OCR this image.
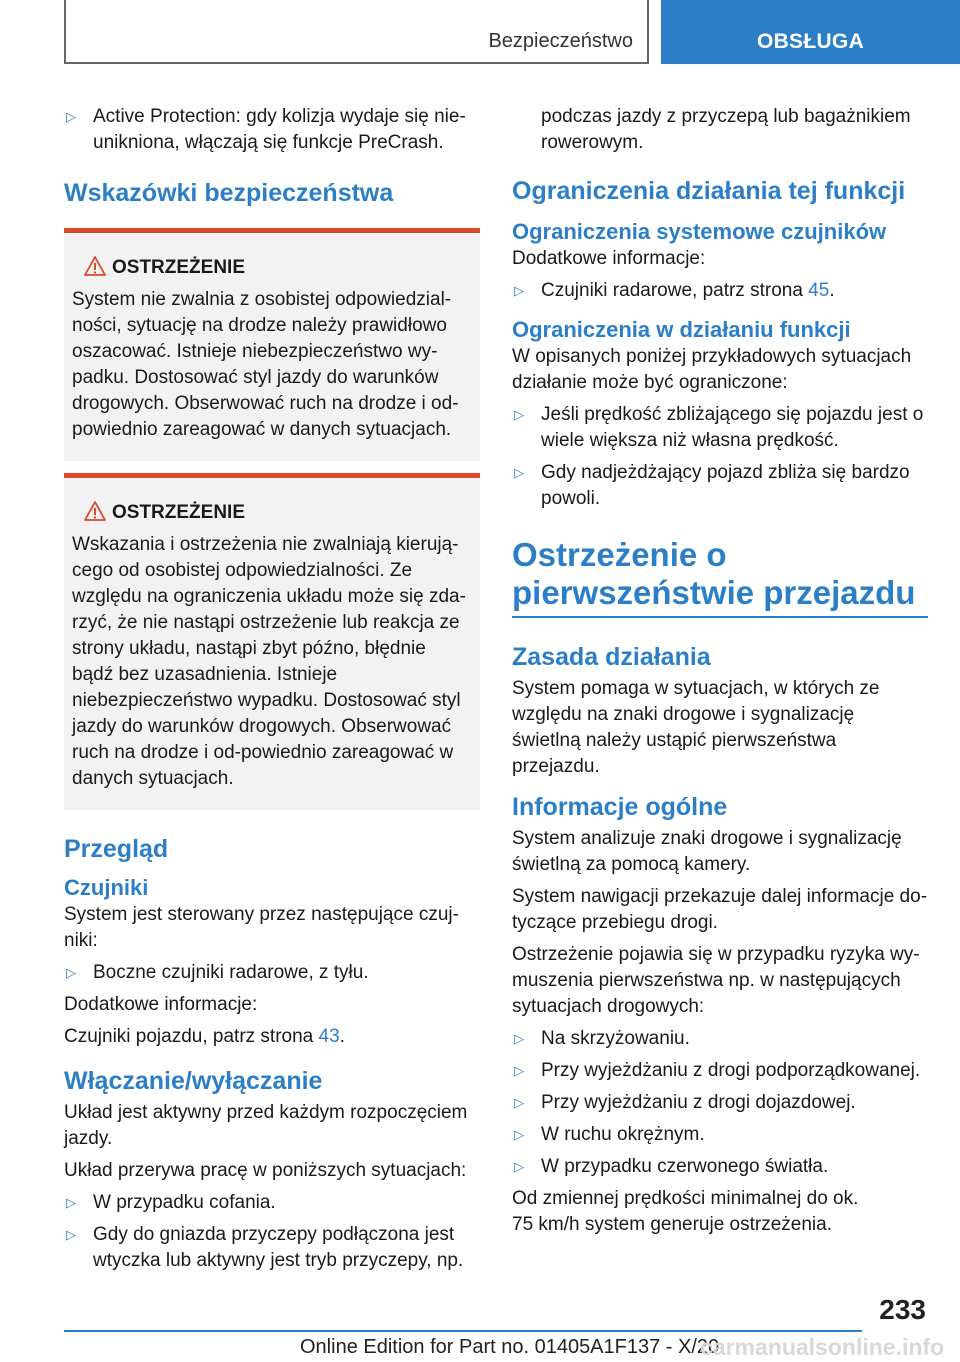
Bezpieczeństwo	OBSŁUGA
▷ Active Protection: gdy kolizja wydaje się nie-unikniona, włączają się funkcje PreCrash.
Wskazówki bezpieczeństwa
OSTRZEŻENIE
System nie zwalnia z osobistej odpowiedzial-ności, sytuację na drodze należy prawidłowo oszacować. Istnieje niebezpieczeństwo wy-padku. Dostosować styl jazdy do warunków drogowych. Obserwować ruch na drodze i od-powiednio zareagować w danych sytuacjach.
OSTRZEŻENIE
Wskazania i ostrzeżenia nie zwalniają kierują-cego od osobistej odpowiedzialności. Ze względu na ograniczenia układu może się zda-rzyć, że nie nastąpi ostrzeżenie lub reakcja ze strony układu, nastąpi zbyt późno, błędnie bądź bez uzasadnienia. Istnieje niebezpieczeństwo wypadku. Dostosować styl jazdy do warunków drogowych. Obserwować ruch na drodze i od-powiednio zareagować w danych sytuacjach.
Przegląd
Czujniki
System jest sterowany przez następujące czuj-niki:
▷ Boczne czujniki radarowe, z tyłu.
Dodatkowe informacje:
Czujniki pojazdu, patrz strona 43.
Włączanie/wyłączanie
Układ jest aktywny przed każdym rozpoczęciem jazdy.
Układ przerywa pracę w poniższych sytuacjach:
▷ W przypadku cofania.
▷ Gdy do gniazda przyczepy podłączona jest wtyczka lub aktywny jest tryb przyczepy, np.
podczas jazdy z przyczepą lub bagażnikiem rowerowym.
Ograniczenia działania tej funkcji
Ograniczenia systemowe czujników
Dodatkowe informacje:
▷ Czujniki radarowe, patrz strona 45.
Ograniczenia w działaniu funkcji
W opisanych poniżej przykładowych sytuacjach działanie może być ograniczone:
▷ Jeśli prędkość zbliżającego się pojazdu jest o wiele większa niż własna prędkość.
▷ Gdy nadjeżdżający pojazd zbliża się bardzo powoli.
Ostrzeżenie o
pierwszeństwie przejazdu
Zasada działania
System pomaga w sytuacjach, w których ze względu na znaki drogowe i sygnalizację świetlną należy ustąpić pierwszeństwa przejazdu.
Informacje ogólne
System analizuje znaki drogowe i sygnalizację świetlną za pomocą kamery.
System nawigacji przekazuje dalej informacje do-tyczące przebiegu drogi.
Ostrzeżenie pojawia się w przypadku ryzyka wy-muszenia pierwszeństwa np. w następujących sytuacjach drogowych:
▷ Na skrzyżowaniu.
▷ Przy wyjeżdżaniu z drogi podporządkowanej.
▷ Przy wyjeżdżaniu z drogi dojazdowej.
▷ W ruchu okrężnym.
▷ W przypadku czerwonego światła.
Od zmiennej prędkości minimalnej do ok.
75 km/h system generuje ostrzeżenia.
233
Online Edition for Part no. 01405A1F137 - X/20
carmanualsonline.info
